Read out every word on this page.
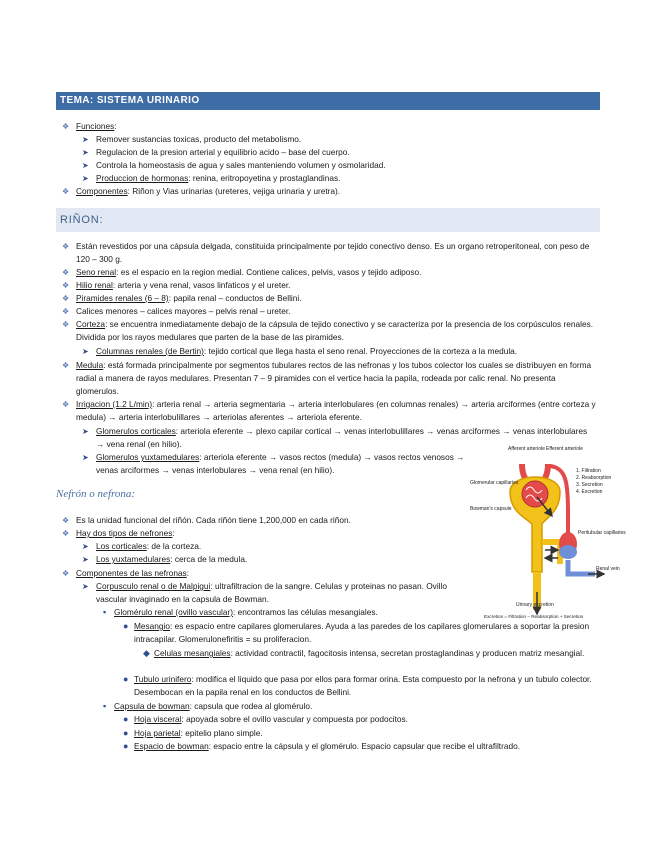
TEMA: SISTEMA URINARIO
❖ Funciones:
➤ Remover sustancias toxicas, producto del metabolismo.
➤ Regulacion de la presion arterial y equilibrio acido – base del cuerpo.
➤ Controla la homeostasis de agua y sales manteniendo volumen y osmolaridad.
➤ Produccion de hormonas: renina, eritropoyetina y prostaglandinas.
❖ Componentes: Riñon y Vias urinarias (ureteres, vejiga urinaria y uretra).
RIÑON:
❖ Están revestidos por una cápsula delgada, constituida principalmente por tejido conectivo denso. Es un organo retroperitoneal, con peso de 120 – 300 g.
❖ Seno renal: es el espacio en la region medial. Contiene calices, pelvis, vasos y tejido adiposo.
❖ Hilio renal: arteria y vena renal, vasos linfaticos y el ureter.
❖ Piramides renales (6 – 8): papila renal – conductos de Bellini.
❖ Calices menores – calices mayores – pelvis renal – ureter.
❖ Corteza: se encuentra inmediatamente debajo de la cápsula de tejido conectivo y se caracteriza por la presencia de los corpúsculos renales. Dividida por los rayos medulares que parten de la base de las piramides.
➤ Columnas renales (de Bertin): tejido cortical que llega hasta el seno renal. Proyecciones de la corteza a la medula.
❖ Medula: está formada principalmente por segmentos tubulares rectos de las nefronas y los tubos colector los cuales se distribuyen en forma radial a manera de rayos medulares. Presentan 7 – 9 piramides con el vertice hacia la papila, rodeada por calic renal. No presenta glomerulos.
❖ Irrigacion (1.2 L/min): arteria renal → arteria segmentaria → arteria interlobulares (en columnas renales) → arteria arciformes (entre corteza y medula) → arteria interlobulillares → arteriolas aferentes → arteriola eferente.
➤ Glomerulos corticales: arteriola eferente → plexo capilar cortical → venas interlobulillares → venas arciformes → venas interlobulares → vena renal (en hilio).
➤ Glomerulos yuxtamedulares: arteriola eferente → vasos rectos (medula) → vasos rectos venosos → venas arciformes → venas interlobulares → vena renal (en hilio).
Nefrón o nefrona:
❖ Es la unidad funcional del riñón. Cada riñón tiene 1,200,000 en cada riñon.
❖ Hay dos tipos de nefrones:
➤ Los corticales: de la corteza.
➤ Los yuxtamedulares: cerca de la medula.
❖ Componentes de las nefronas:
➤ Corpusculo renal o de Malpigui: ultrafiltracion de la sangre. Celulas y proteinas no pasan. Ovillo vascular invaginado en la capsula de Bowman.
▪ Glomérulo renal (ovillo vascular): encontramos las células mesangiales.
● Mesangio: es espacio entre capilares glomerulares. Ayuda a las paredes de los capilares glomerulares a soportar la presion intracapilar. Glomerulonefiritis = su proliferacion.
◆ Celulas mesangiales: actividad contractil, fagocitosis intensa, secretan prostaglandinas y producen matriz mesangial.
● Tubulo urinifero: modifica el liquido que pasa por ellos para formar orina. Esta compuesto por la nefrona y un tubulo colector. Desembocan en la papila renal en los conductos de Bellini.
▪ Capsula de bowman: capsula que rodea al glomérulo.
● Hoja visceral: apoyada sobre el ovillo vascular y compuesta por podocitos.
● Hoja parietal: epitelio plano simple.
● Espacio de bowman: espacio entre la cápsula y el glomérulo. Espacio capsular que recibe el ultrafiltrado.
Afferent arteriole Efferent arteriole
Glomerular capillaries
Bowman's capsule
Peritubular capillaries
Renal vein
Urinary excretion
1. Filtration
2. Reabsorption
3. Secretion
4. Excretion
Excretion = Filtration − Reabsorption + Secretion
